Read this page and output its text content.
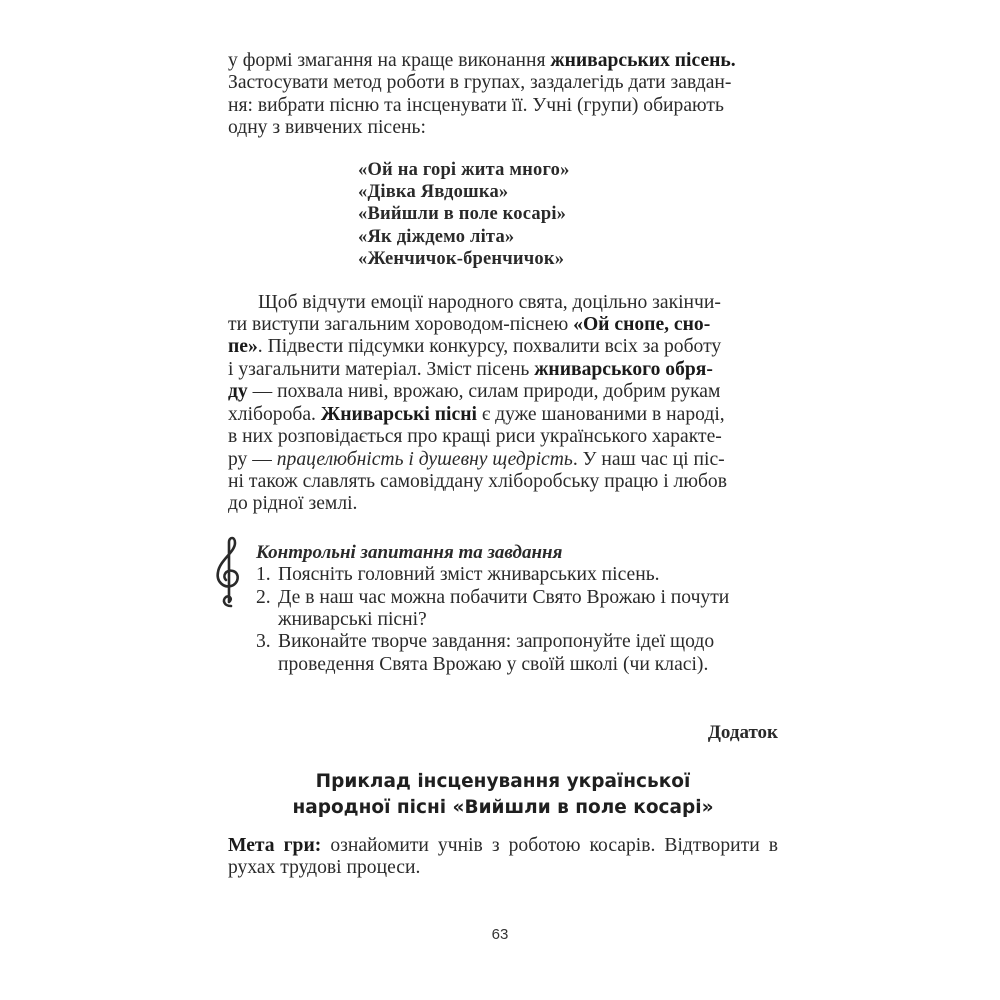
у формі змагання на краще виконання жниварських пісень.
Застосувати метод роботи в групах, заздалегідь дати завдан-
ня: вибрати пісню та інсценувати її. Учні (групи) обирають
одну з вивчених пісень:

«Ой на горі жита много»
«Дівка Явдошка»
«Вийшли в поле косарі»
«Як діждемо літа»
«Женчичок-бренчичок»

Щоб відчути емоції народного свята, доцільно закінчи-
ти виступи загальним хороводом-піснею «Ой снопе, сно-
пе». Підвести підсумки конкурсу, похвалити всіх за роботу
і узагальнити матеріал. Зміст пісень жниварського обря-
ду — похвала ниві, врожаю, силам природи, добрим рукам
хлібороба. Жниварські пісні є дуже шанованими в народі,
в них розповідається про кращі риси українського характе-
ру — працелюбність і душевну щедрість. У наш час ці піс-
ні також славлять самовіддану хліборобську працю і любов
до рідної землі.

Контрольні запитання та завдання

1. Поясніть головний зміст жниварських пісень.
2. Де в наш час можна побачити Свято Врожаю і почути жниварські пісні?
3. Виконайте творче завдання: запропонуйте ідеї щодо проведення Свята Врожаю у своїй школі (чи класі).

Додаток

Приклад інсценування української

народної пісні «Вийшли в поле косарі»

Мета гри: ознайомити учнів з роботою косарів. Відтворити в рухах трудові процеси.

63
